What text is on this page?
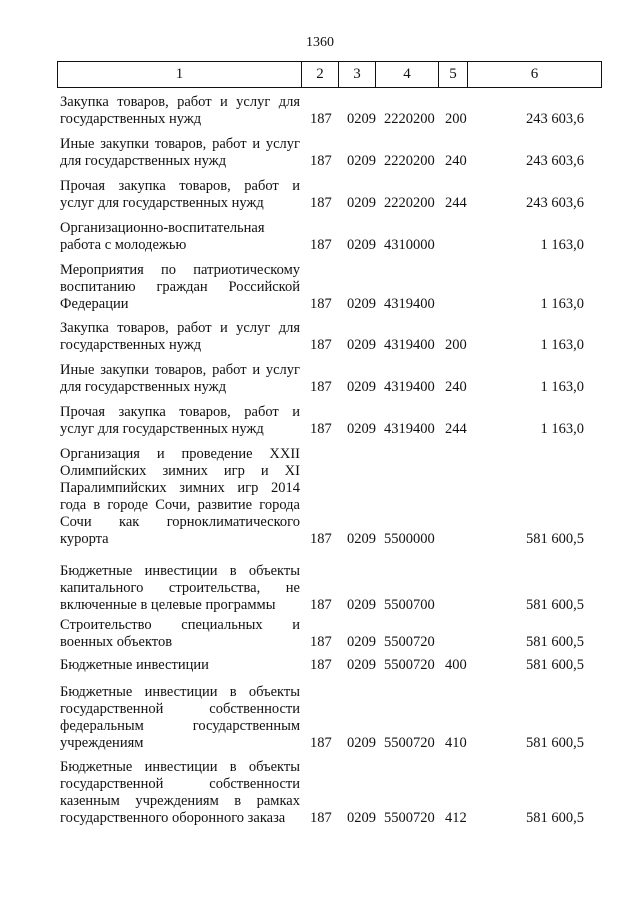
1360
1	2	3	4	5	6
Закупка товаров, работ и услуг для
государственных нужд	187 0209 2220200 200	243 603,6
Иные закупки товаров, работ и услуг
для государственных нужд	187 0209 2220200 240	243 603,6
Прочая закупка товаров, работ и
услуг для государственных нужд	187 0209 2220200 244	243 603,6
Организационно-воспитательная
работа с молодежью	187 0209 4310000	1 163,0
Мероприятия по патриотическому
воспитанию граждан Российской
Федерации	187 0209 4319400	1 163,0
Закупка товаров, работ и услуг для
государственных нужд	187 0209 4319400 200	1 163,0
Иные закупки товаров, работ и услуг
для государственных нужд	187 0209 4319400 240	1 163,0
Прочая закупка товаров, работ и
услуг для государственных нужд	187 0209 4319400 244	1 163,0
Организация и проведение XXII
Олимпийских зимних игр и XI
Паралимпийских зимних игр 2014
года в городе Сочи, развитие города
Сочи как горноклиматического
курорта	187 0209 5500000	581 600,5
Бюджетные инвестиции в объекты
капитального строительства, не
включенные в целевые программы	187 0209 5500700	581 600,5
Строительство специальных и
военных объектов	187 0209 5500720	581 600,5
Бюджетные инвестиции	187 0209 5500720 400	581 600,5
Бюджетные инвестиции в объекты
государственной собственности
федеральным государственным
учреждениям	187 0209 5500720 410	581 600,5
Бюджетные инвестиции в объекты
государственной собственности
казенным учреждениям в рамках
государственного оборонного заказа	187 0209 5500720 412	581 600,5
